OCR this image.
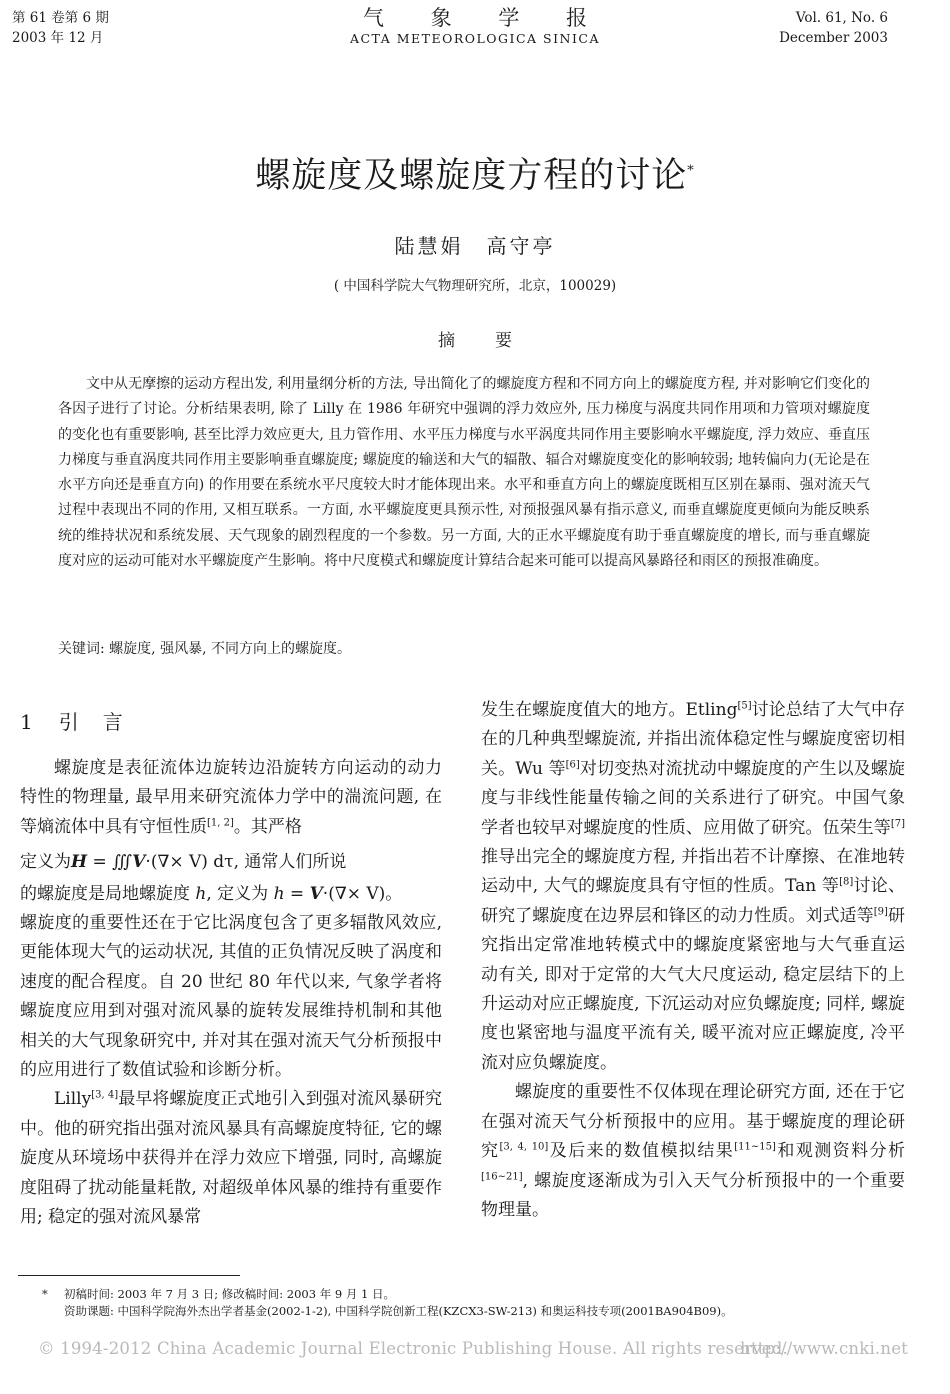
第 61 卷第 6 期
2003 年 12 月
气 象 学 报
ACTA METEOROLOGICA SINICA
Vol. 61, No. 6
December 2003
螺旋度及螺旋度方程的讨论*
陆慧娟　高守亭
( 中国科学院大气物理研究所，北京，100029)
摘要

文中从无摩擦的运动方程出发, 利用量纲分析的方法, 导出简化了的螺旋度方程和不同方向上的螺旋度方程, 并对影响它们变化的各因子进行了讨论。分析结果表明, 除了 Lilly 在 1986 年研究中强调的浮力效应外, 压力梯度与涡度共同作用项和力管项对螺旋度的变化也有重要影响, 甚至比浮力效应更大, 且力管作用、水平压力梯度与水平涡度共同作用主要影响水平螺旋度, 浮力效应、垂直压力梯度与垂直涡度共同作用主要影响垂直螺旋度; 螺旋度的输送和大气的辐散、辐合对螺旋度变化的影响较弱; 地转偏向力(无论是在水平方向还是垂直方向) 的作用要在系统水平尺度较大时才能体现出来。水平和垂直方向上的螺旋度既相互区别在暴雨、强对流天气过程中表现出不同的作用, 又相互联系。一方面, 水平螺旋度更具预示性, 对预报强风暴有指示意义, 而垂直螺旋度更倾向为能反映系统的维持状况和系统发展、天气现象的剧烈程度的一个参数。另一方面, 大的正水平螺旋度有助于垂直螺旋度的增长, 而与垂直螺旋度对应的运动可能对水平螺旋度产生影响。将中尺度模式和螺旋度计算结合起来可能可以提高风暴路径和雨区的预报准确度。

关键词: 螺旋度, 强风暴, 不同方向上的螺旋度。
1 引言

螺旋度是表征流体边旋转边沿旋转方向运动的动力特性的物理量, 最早用来研究流体力学中的湍流问题, 在等熵流体中具有守恒性质[1, 2]。其严格

定义为H = ∭V·(∇× V) dτ, 通常人们所说

的螺旋度是局地螺旋度 h, 定义为 h = V·(∇× V)。

螺旋度的重要性还在于它比涡度包含了更多辐散风效应, 更能体现大气的运动状况, 其值的正负情况反映了涡度和速度的配合程度。自 20 世纪 80 年代以来, 气象学者将螺旋度应用到对强对流风暴的旋转发展维持机制和其他相关的大气现象研究中, 并对其在强对流天气分析预报中的应用进行了数值试验和诊断分析。

Lilly[3, 4]最早将螺旋度正式地引入到强对流风暴研究中。他的研究指出强对流风暴具有高螺旋度特征, 它的螺旋度从环境场中获得并在浮力效应下增强, 同时, 高螺旋度阻碍了扰动能量耗散, 对超级单体风暴的维持有重要作用; 稳定的强对流风暴常

发生在螺旋度值大的地方。Etling[5]讨论总结了大气中存在的几种典型螺旋流, 并指出流体稳定性与螺旋度密切相关。Wu 等[6]对切变热对流扰动中螺旋度的产生以及螺旋度与非线性能量传输之间的关系进行了研究。中国气象学者也较早对螺旋度的性质、应用做了研究。伍荣生等[7]推导出完全的螺旋度方程, 并指出若不计摩擦、在准地转运动中, 大气的螺旋度具有守恒的性质。Tan 等[8]讨论、研究了螺旋度在边界层和锋区的动力性质。刘式适等[9]研究指出定常准地转模式中的螺旋度紧密地与大气垂直运动有关, 即对于定常的大气大尺度运动, 稳定层结下的上升运动对应正螺旋度, 下沉运动对应负螺旋度; 同样, 螺旋度也紧密地与温度平流有关, 暖平流对应正螺旋度, 冷平流对应负螺旋度。

螺旋度的重要性不仅体现在理论研究方面, 还在于它在强对流天气分析预报中的应用。基于螺旋度的理论研究[3, 4, 10]及后来的数值模拟结果[11~15]和观测资料分析[16~21], 螺旋度逐渐成为引入天气分析预报中的一个重要物理量。

* 初稿时间: 2003 年 7 月 3 日; 修改稿时间: 2003 年 9 月 1 日。
资助课题: 中国科学院海外杰出学者基金(2002-1-2), 中国科学院创新工程(KZCX3-SW-213) 和奥运科技专项(2001BA904B09)。
© 1994-2012 China Academic Journal Electronic Publishing House. All rights reserved.
http://www.cnki.net
